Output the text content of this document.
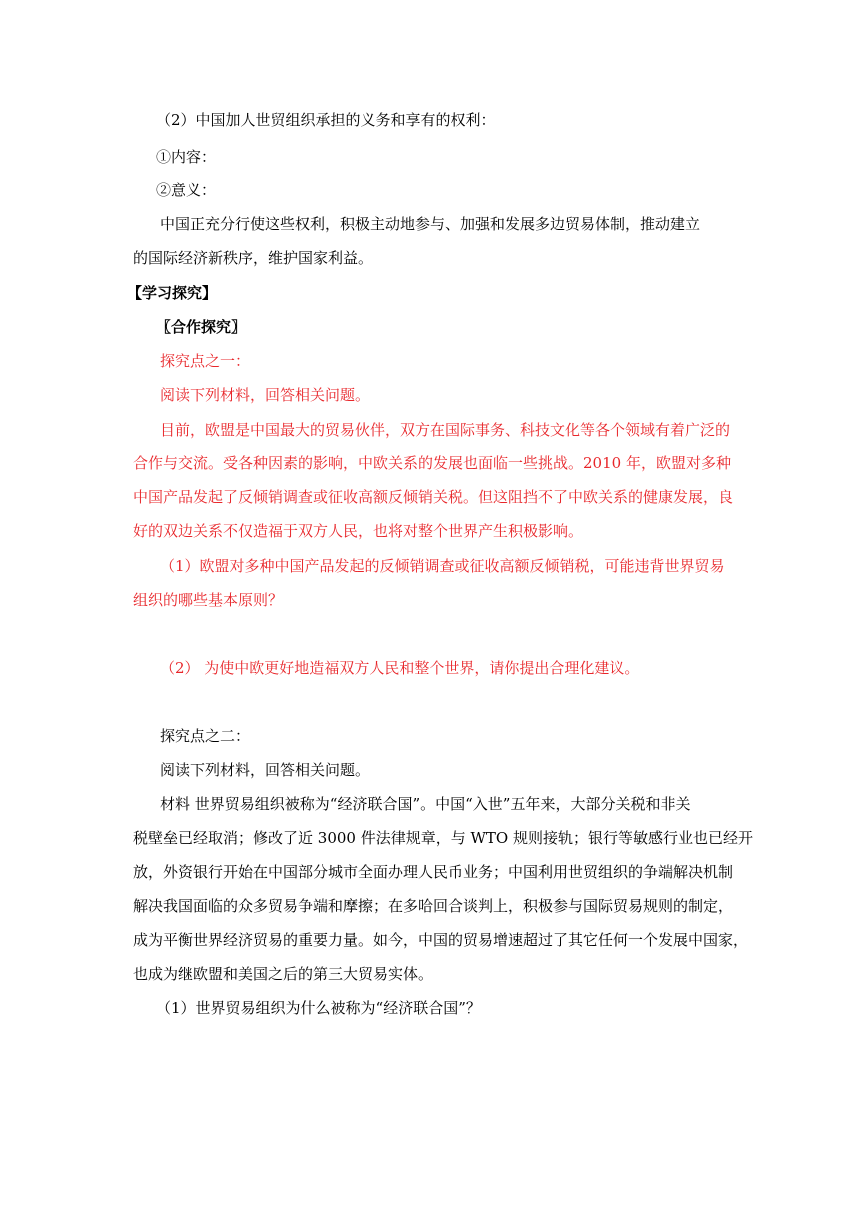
（2）中国加人世贸组织承担的义务和享有的权利：
①内容：
②意义：
中国正充分行使这些权利，积极主动地参与、加强和发展多边贸易体制，推动建立
的国际经济新秩序，维护国家利益。
【学习探究】
〖合作探究〗
探究点之一：
阅读下列材料，回答相关问题。
目前，欧盟是中国最大的贸易伙伴，双方在国际事务、科技文化等各个领域有着广泛的
合作与交流。受各种因素的影响，中欧关系的发展也面临一些挑战。2010 年，欧盟对多种
中国产品发起了反倾销调查或征收高额反倾销关税。但这阻挡不了中欧关系的健康发展，良
好的双边关系不仅造福于双方人民，也将对整个世界产生积极影响。
（1）欧盟对多种中国产品发起的反倾销调查或征收高额反倾销税，可能违背世界贸易
组织的哪些基本原则？
（2） 为使中欧更好地造福双方人民和整个世界，请你提出合理化建议。
探究点之二：
阅读下列材料，回答相关问题。
材料 世界贸易组织被称为“经济联合国”。中国“入世”五年来，大部分关税和非关
税壁垒已经取消；修改了近 3000 件法律规章，与 WTO 规则接轨；银行等敏感行业也已经开
放，外资银行开始在中国部分城市全面办理人民币业务；中国利用世贸组织的争端解决机制
解决我国面临的众多贸易争端和摩擦；在多哈回合谈判上，积极参与国际贸易规则的制定，
成为平衡世界经济贸易的重要力量。如今，中国的贸易增速超过了其它任何一个发展中国家，
也成为继欧盟和美国之后的第三大贸易实体。
（1）世界贸易组织为什么被称为“经济联合国”？
